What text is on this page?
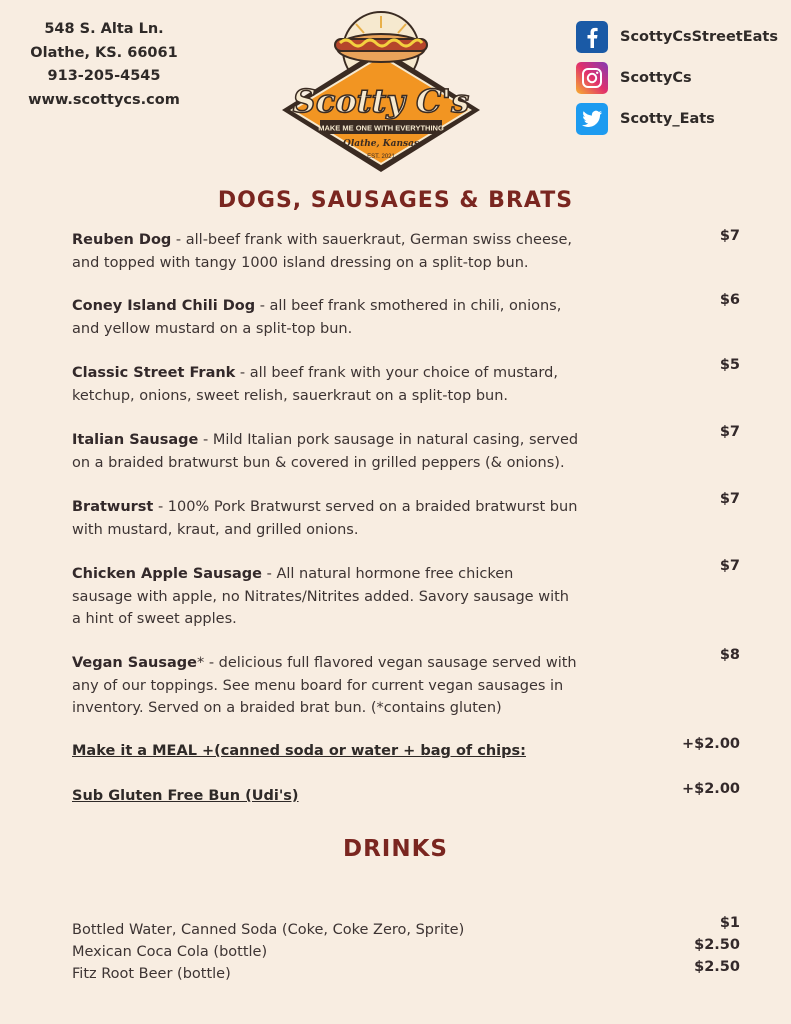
548 S. Alta Ln.
Olathe, KS. 66061
913-205-4545
www.scottycs.com
MAKE ME ONE WITH EVERYTHING
Olathe, Kansas
EST. 2021
Scotty C's
ScottyCsStreetEats
ScottyCs
Scotty_Eats
DOGS, SAUSAGES & BRATS
Reuben Dog - all-beef frank with sauerkraut, German swiss cheese,
and topped with tangy 1000 island dressing on a split-top bun.
$7
Coney Island Chili Dog - all beef frank smothered in chili, onions,
and yellow mustard on a split-top bun.
$6
Classic Street Frank - all beef frank with your choice of mustard,
ketchup, onions, sweet relish, sauerkraut on a split-top bun.
$5
Italian Sausage - Mild Italian pork sausage in natural casing, served
on a braided bratwurst bun & covered in grilled peppers (& onions).
$7
Bratwurst - 100% Pork Bratwurst served on a braided bratwurst bun
with mustard, kraut, and grilled onions.
$7
Chicken Apple Sausage - All natural hormone free chicken
sausage with apple, no Nitrates/Nitrites added. Savory sausage with
a hint of sweet apples.
$7
Vegan Sausage* - delicious full flavored vegan sausage served with
any of our toppings. See menu board for current vegan sausages in
inventory. Served on a braided brat bun. (*contains gluten)
$8
Make it a MEAL +(canned soda or water + bag of chips:	+$2.00
Sub Gluten Free Bun (Udi's)	+$2.00
DRINKS
Bottled Water, Canned Soda (Coke, Coke Zero, Sprite)	$1
Mexican Coca Cola (bottle)	$2.50
Fitz Root Beer (bottle)	$2.50
